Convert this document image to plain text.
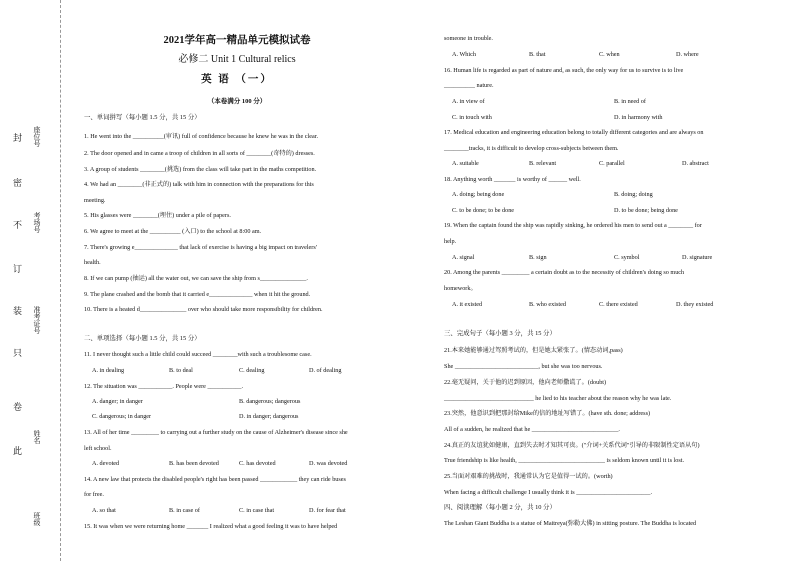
封
密
不
订
装
只
卷
此
座位号
考场号
准考证号
姓名
班级
2021学年高一精品单元模拟试卷
必修二 Unit 1 Cultural relics
英 语 （一）
（本卷满分 100 分）
一、单词拼写（每小题 1.5 分，共 15 分）
1. He went into the __________(审讯) full of confidence because he knew he was in the clear.
2. The door opened and in came a troop of children in all sorts of ________(奇特的) dresses.
3. A group of students ________(挑选) from the class will take part in the maths competition.
4. We had an ________(非正式的) talk with him in connection with the preparations for this
meeting.
5. His glasses were ________(埋住) under a pile of papers.
6. We agree to meet at the __________ (入口) to the school at 8:00 am.
7. There's growing e______________ that lack of exercise is having a big impact on travelers'
health.
8. If we can pump (抽运) all the water out, we can save the ship from s_______________.
9. The plane crashed and the bomb that it carried e______________ when it hit the ground.
10. There is a heated d_______________ over who should take more responsibility for children.
二、单项选择（每小题 1.5 分，共 15 分）
11. I never thought such a little child could succeed ________with such a troublesome case.
A. in dealing	B. to deal	C. dealing	D. of dealing
12. The situation was ___________. People were ___________.
A. danger; in danger	B. dangerous; dangerous
C. dangerous; in danger	D. in danger; dangerous
13. All of her time _________ to carrying out a further study on the cause of Alzheimer's disease since she
left school.
A. devoted	B. has been devoted	C. has devoted	D. was devoted
14. A new law that protects the disabled people's right has been passed ____________ they can ride buses
for free.
A. so that	B. in case of	C. in case that	D. for fear that
15. It was when we were returning home _______ I realized what a good feeling it was to have helped
someone in trouble.
A. Which	B. that	C. when	D. where
16. Human life is regarded as part of nature and, as such, the only way for us to survive is to live
__________ nature.
A. in view of	B. in need of
C. in touch with	D. in harmony with
17. Medical education and engineering education belong to totally different categories and are always on
________tracks, it is difficult to develop cross-subjects between them.
A. suitable	B. relevant	C. parallel	D. abstract
18. Anything worth _______ is worthy of ______ well.
A. doing; being done	B. doing; doing
C. to be done; to be done	D. to be done; being done
19. When the captain found the ship was rapidly sinking, he ordered his men to send out a ________ for
help.
A. signal	B. sign	C. symbol	D. signature
20. Among the parents _________ a certain doubt as to the necessity of children's doing so much
homework。
A. it existed	B. who existed	C. there existed	D. they existed
三、完成句子（每小题 3 分，共 15 分）
21.本来她能够通过驾照考试的，但是她太紧张了。(情态动词,pass)
She ___________________________, but she was too nervous.
22.毫无疑问，关于他的迟到原因，他向老师撒谎了。(doubt)
_____________________________ he lied to his teacher about the reason why he was late.
23.突然，他意识到把那封给Mike的信的地址写错了。(have sth. done; address)
All of a sudden, he realized that he ____________________________.
24.真正的友谊犹如健康，直到失去时才知其可贵。("介词+关系代词"引导的非限制性定语从句)
True friendship is like health, ____________________________ is seldom known until it is lost.
25.当面对艰难的挑战时，我通常认为它是值得一试的。(worth)
When facing a difficult challenge I usually think it is ________________________.
四、阅读理解（每小题 2 分，共 10 分）
The Leshan Giant Buddha is a statue of Maitreya(弥勒大佛) in sitting posture. The Buddha is located
